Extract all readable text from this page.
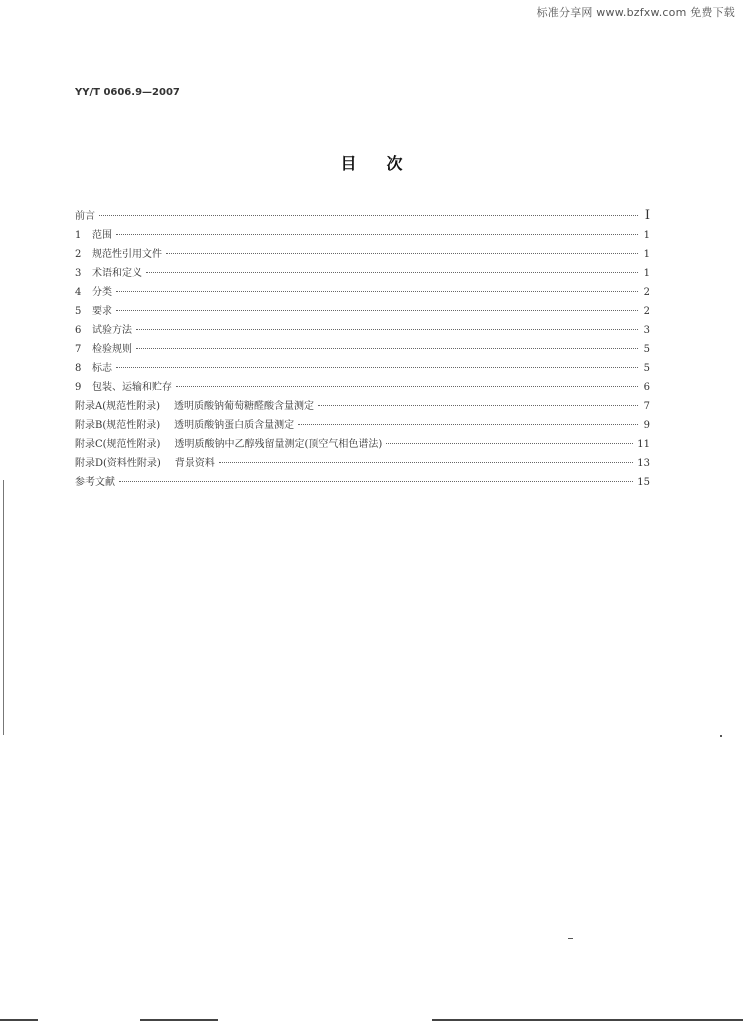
标准分享网 www.bzfxw.com 免费下载
YY/T 0606.9—2007
目次
前言	I
1	范围	1
2	规范性引用文件	1
3	术语和定义	1
4	分类	2
5	要求	2
6	试验方法	3
7	检验规则	5
8	标志	5
9	包装、运输和贮存	6
附录A(规范性附录) 透明质酸钠葡萄糖醛酸含量测定	7
附录B(规范性附录) 透明质酸钠蛋白质含量测定	9
附录C(规范性附录) 透明质酸钠中乙醇残留量测定(顶空气相色谱法)	11
附录D(资料性附录) 背景资料	13
参考文献	15
